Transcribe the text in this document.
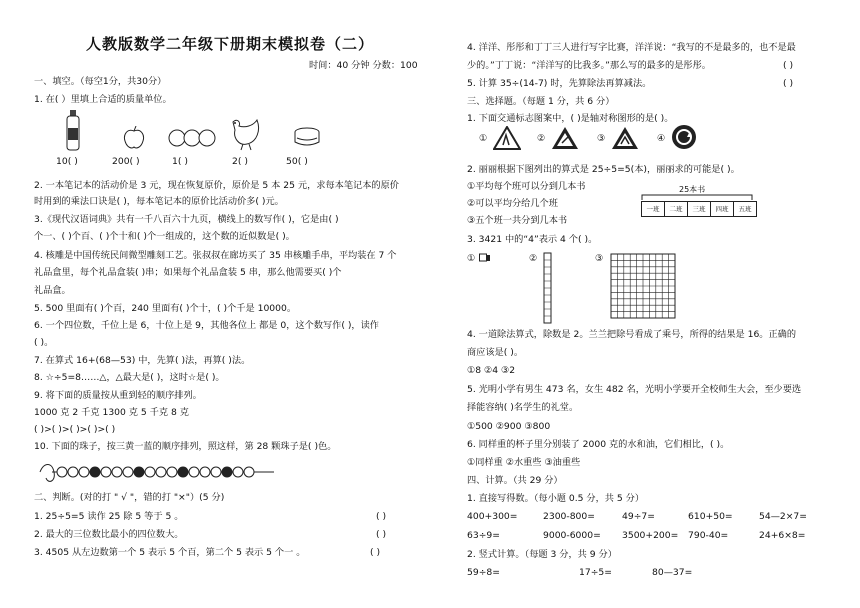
人教版数学二年级下册期末模拟卷（二）
时间：40 分钟 分数：100
一、填空。（每空1分，共30分）
1. 在( ）里填上合适的质量单位。
10( )	200( )	1( )	2( )	50( )
2. 一本笔记本的活动价是 3 元，现在恢复原价，原价是 5 本 25 元，求每本笔记本的原价
时用到的乘法口诀是( )，每本笔记本的原价比活动价多( )元。
3.《现代汉语词典》共有一千八百六十九页，横线上的数写作( )，它是由( )
个一、( )个百、( )个十和( )个一组成的，这个数的近似数是( )。
4. 核雕是中国传统民间微型雕刻工艺。张叔叔在廊坊买了 35 串核雕手串，平均装在 7 个
礼品盒里，每个礼品盒装( )串；如果每个礼品盒装 5 串，那么他需要买( )个
礼品盒。
5. 500 里面有( )个百，240 里面有( )个十，( )个千是 10000。
6. 一个四位数，千位上是 6，十位上是 9，其他各位上 都是 0，这个数写作( )，读作
( )。
7. 在算式 16+(68—53) 中，先算( )法，再算( )法。
8. ☆÷5=8……△，△最大是( )，这时☆是( )。
9. 将下面的质量按从重到轻的顺序排列。
1000 克 2 千克 1300 克 5 千克 8 克
( )>( )>( )>( )>( )
10. 下面的珠子，按三黄一蓝的顺序排列，照这样，第 28 颗珠子是( )色。
二、判断。(对的打 " √ "，错的打 "×"）(5 分)
1. 25÷5=5 读作 25 除 5 等于 5 。	( )
2. 最大的三位数比最小的四位数大。	( )
3. 4505 从左边数第一个 5 表示 5 个百，第二个 5 表示 5 个一 。	( )
4. 洋洋、彤彤和丁丁三人进行写字比赛，洋洋说：“我写的不是最多的，也不是最
少的。”丁丁说：“洋洋写的比我多。”那么写的最多的是彤彤。	( )
5. 计算 35÷(14-7) 时，先算除法再算减法。	( )
三、选择题。（每题 1 分，共 6 分）
1. 下面交通标志图案中，( )是轴对称图形的是( )。
①	②	③	④
2. 丽丽根据下图列出的算式是 25÷5=5(本)，丽丽求的可能是( )。
①平均每个班可以分到几本书
②可以平均分给几个班
③五个班一共分到几本书
25本书
一班	二班	三班	四班	五班
3. 3421 中的“4”表示 4 个( )。
①	②	③
4. 一道除法算式，除数是 2。兰兰把除号看成了乘号，所得的结果是 16。正确的
商应该是( )。
①8 ②4 ③2
5. 光明小学有男生 473 名，女生 482 名，光明小学要开全校师生大会，至少要选
择能容纳( )名学生的礼堂。
①500 ②900 ③800
6. 同样重的杯子里分别装了 2000 克的水和油，它们相比，( )。
①同样重 ②水重些 ③油重些
四、计算。（共 29 分）
1. 直接写得数。（每小题 0.5 分，共 5 分）
400+300=	2300-800=	49÷7=	610+50=	54—2×7=
63÷9=	9000-6000= 3500+200= 790-40=	24+6×8=
2. 竖式计算。（每题 3 分，共 9 分）
59÷8=	17÷5=	80—37=
